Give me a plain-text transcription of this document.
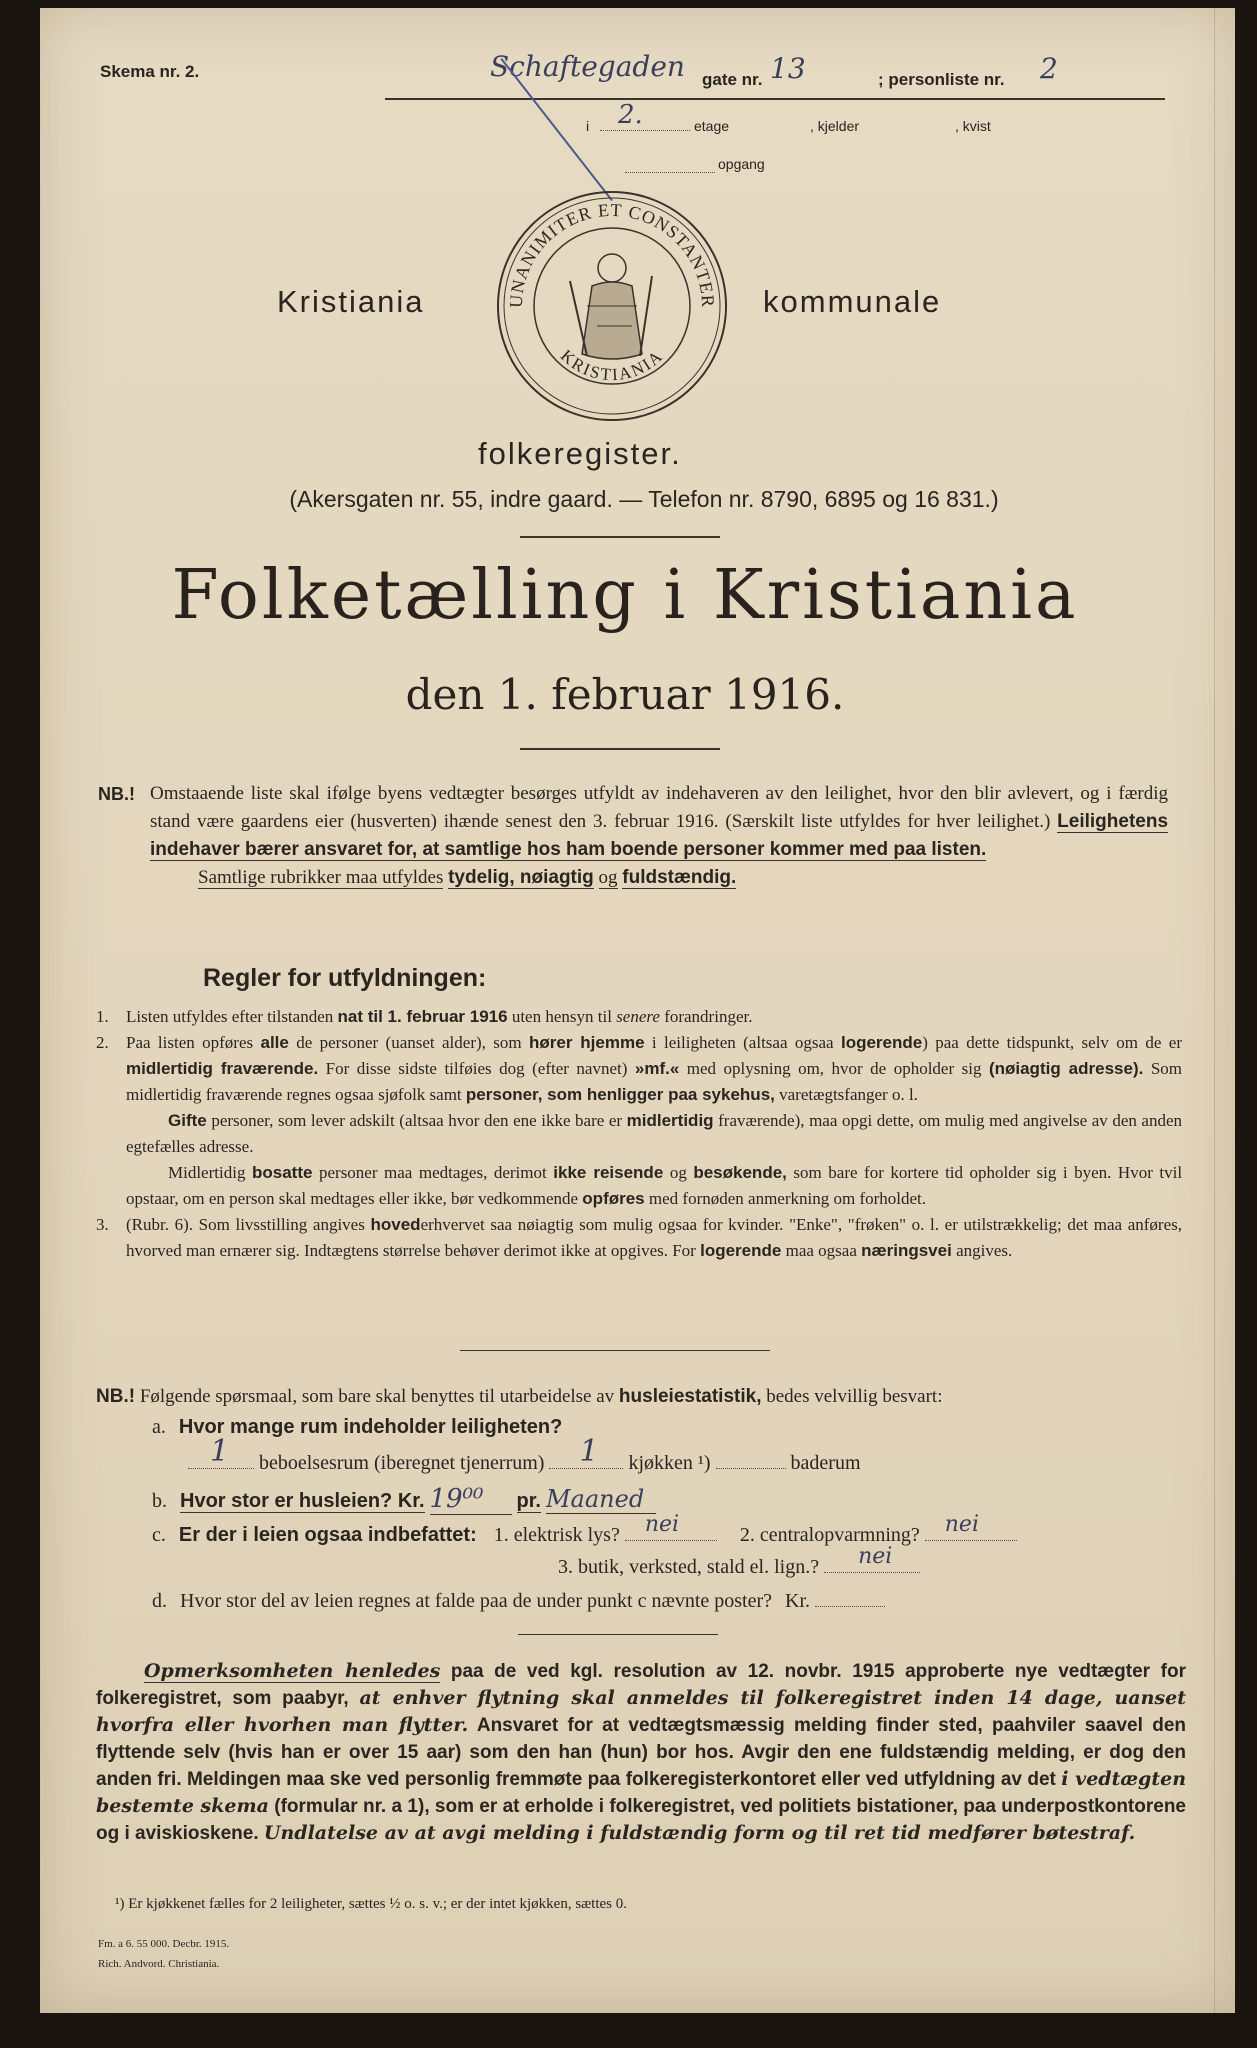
Skema nr. 2.	Schaftegaden gate nr. 13	; personliste nr. 2
i 2.	etage	, kjelder	, kvist
opgang
UNANIMITER ET CONSTANTER
KRISTIANIA
Kristiania	kommunale
folkeregister.
(Akersgaten nr. 55, indre gaard. — Telefon nr. 8790, 6895 og 16 831.)
Folketælling i Kristiania
den 1. februar 1916.
NB.! Omstaaende liste skal ifølge byens vedtægter besørges utfyldt av indehaveren av den leilighet, hvor den blir avlevert, og i færdig stand være gaardens eier (husverten) ihænde senest den 3. februar 1916. (Særskilt liste utfyldes for hver leilighet.) Leilighetens indehaver bærer ansvaret for, at samtlige hos ham boende personer kommer med paa listen.
Samtlige rubrikker maa utfyldes tydelig, nøiagtig og fuldstændig.
Regler for utfyldningen:
1.	Listen utfyldes efter tilstanden nat til 1. februar 1916 uten hensyn til senere forandringer.
2.	Paa listen opføres alle de personer (uanset alder), som hører hjemme i leiligheten (altsaa ogsaa logerende) paa dette tidspunkt, selv om de er midlertidig fraværende. For disse sidste tilføies dog (efter navnet) »mf.« med oplysning om, hvor de opholder sig (nøiagtig adresse). Som midlertidig fraværende regnes ogsaa sjøfolk samt personer, som henligger paa sykehus, varetægtsfanger o. l.
Gifte personer, som lever adskilt (altsaa hvor den ene ikke bare er midlertidig fraværende), maa opgi dette, om mulig med angivelse av den anden egtefælles adresse.
Midlertidig bosatte personer maa medtages, derimot ikke reisende og besøkende, som bare for kortere tid opholder sig i byen. Hvor tvil opstaar, om en person skal medtages eller ikke, bør vedkommende opføres med fornøden anmerkning om forholdet.
3.	(Rubr. 6). Som livsstilling angives hovederhvervet saa nøiagtig som mulig ogsaa for kvinder. "Enke", "frøken" o. l. er utilstrækkelig; det maa anføres, hvorved man ernærer sig. Indtægtens størrelse behøver derimot ikke at opgives. For logerende maa ogsaa næringsvei angives.
NB.! Følgende spørsmaal, som bare skal benyttes til utarbeidelse av husleiestatistik, bedes velvillig besvart:
a. Hvor mange rum indeholder leiligheten?
1 beboelsesrum (iberegnet tjenerrum) 1 kjøkken ¹)	baderum
b. Hvor stor er husleien? Kr. 19⁰⁰ pr. Maaned
c. Er der i leien ogsaa indbefattet: 1. elektrisk lys? nei	2. centralopvarmning? nei
3. butik, verksted, stald el. lign.? nei
d. Hvor stor del av leien regnes at falde paa de under punkt c nævnte poster? Kr.
Opmerksomheten henledes paa de ved kgl. resolution av 12. novbr. 1915 approberte nye vedtægter for folkeregistret, som paabyr, at enhver flytning skal anmeldes til folkeregistret inden 14 dage, uanset hvorfra eller hvorhen man flytter. Ansvaret for at vedtægtsmæssig melding finder sted, paahviler saavel den flyttende selv (hvis han er over 15 aar) som den han (hun) bor hos. Avgir den ene fuldstændig melding, er dog den anden fri. Meldingen maa ske ved personlig fremmøte paa folkeregisterkontoret eller ved utfyldning av det i vedtægten bestemte skema (formular nr. a 1), som er at erholde i folkeregistret, ved politiets bistationer, paa underpostkontorene og i aviskioskene. Undlatelse av at avgi melding i fuldstændig form og til ret tid medfører bøtestraf.
¹) Er kjøkkenet fælles for 2 leiligheter, sættes ½ o. s. v.; er der intet kjøkken, sættes 0.
Fm. a 6. 55 000. Decbr. 1915.
Rich. Andvord. Christiania.
